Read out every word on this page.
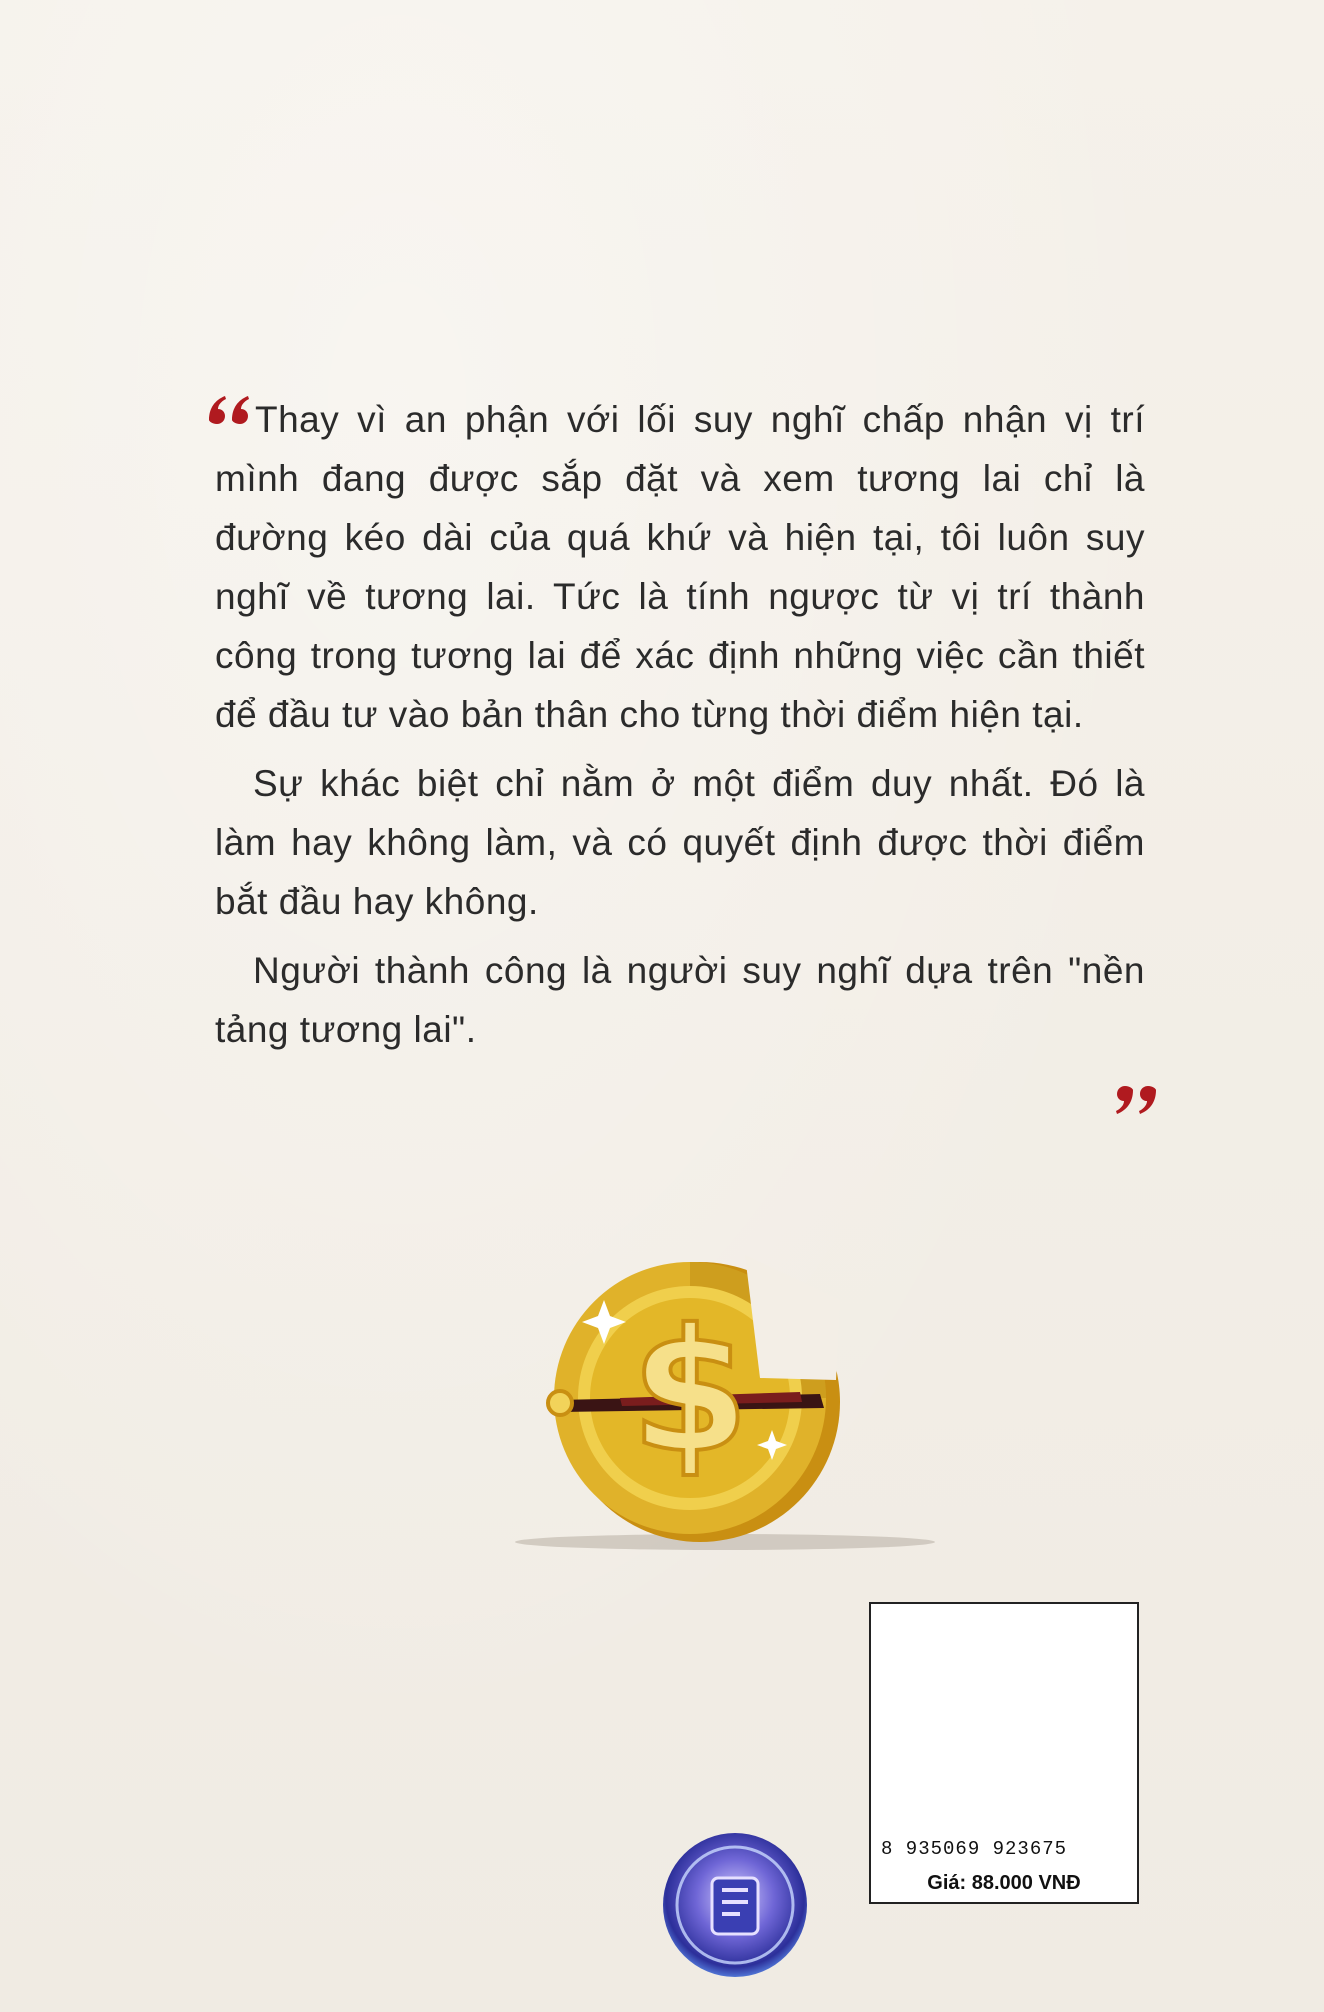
Thay vì an phận với lối suy nghĩ chấp nhận vị trí mình đang được sắp đặt và xem tương lai chỉ là đường kéo dài của quá khứ và hiện tại, tôi luôn suy nghĩ về tương lai. Tức là tính ngược từ vị trí thành công trong tương lai để xác định những việc cần thiết để đầu tư vào bản thân cho từng thời điểm hiện tại.

Sự khác biệt chỉ nằm ở một điểm duy nhất. Đó là làm hay không làm, và có quyết định được thời điểm bắt đầu hay không.

Người thành công là người suy nghĩ dựa trên "nền tảng tương lai".

$
8 935069 923675
Giá: 88.000 VNĐ
